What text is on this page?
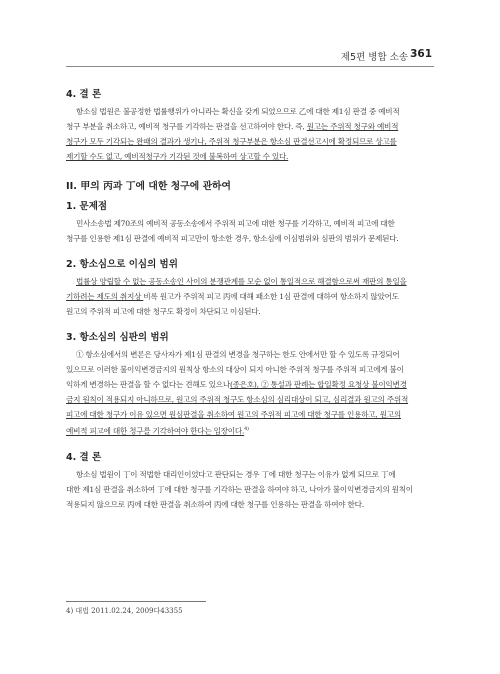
제5편 병합 소송 361
4. 결 론

항소심 법원은 불공정한 법률행위가 아니라는 확신을 갖게 되었으므로 乙에 대한 제1심 판결 중 예비적
청구 부분을 취소하고, 예비적 청구를 기각하는 판결을 선고하여야 한다. 즉, 원고는 주위적 청구와 예비적
청구가 모두 기각되는 완패의 결과가 생기나, 주위적 청구부분은 항소심 판결선고시에 확정되므로 상고를
제기할 수도 없고, 예비적청구가 기각된 것에 불복하여 상고할 수 있다.

II. 甲의 丙과 丁에 대한 청구에 관하여
1. 문제점

민사소송법 제70조의 예비적 공동소송에서 주위적 피고에 대한 청구를 기각하고, 예비적 피고에 대한
청구를 인용한 제1심 판결에 예비적 피고만이 항소한 경우, 항소심에 이심범위와 심판의 범위가 문제된다.

2. 항소심으로 이심의 범위

법률상 양립할 수 없는 공동소송인 사이의 분쟁관계를 모순 없이 통일적으로 해결함으로써 재판의 통일을
기하려는 제도의 취지상 비록 원고가 주위적 피고 丙에 대해 패소한 1심 판결에 대하여 항소하지 않았어도
원고의 주위적 피고에 대한 청구도 확정이 차단되고 이심된다.

3. 항소심의 심판의 범위

① 항소심에서의 변론은 당사자가 제1심 판결의 변경을 청구하는 한도 안에서만 할 수 있도록 규정되어
있으므로 이러한 불이익변경금지의 원칙상 항소의 대상이 되지 아니한 주위적 청구를 주위적 피고에게 불이
익하게 변경하는 판결을 할 수 없다는 견해도 있으나(종은호), ② 통설과 판례는 합일확정 요청상 불이익변경
금지 원칙이 적용되지 아니하므로, 원고의 주위적 청구도 항소심의 심리대상이 되고, 심리결과 원고의 주위적
피고에 대한 청구가 이유 있으면 원심판결을 취소하여 원고의 주위적 피고에 대한 청구를 인용하고, 원고의
예비적 피고에 대한 청구를 기각하여야 한다는 입장이다.$^{4)}$

4. 결 론

항소심 법원이 丁이 적법한 대리인이었다고 판단되는 경우 丁에 대한 청구는 이유가 없게 되므로 丁에
대한 제1심 판결을 취소하여 丁에 대한 청구를 기각하는 판결을 하여야 하고, 나아가 불이익변경금지의 원칙이
적용되지 않으므로 丙에 대한 판결을 취소하여 丙에 대한 청구를 인용하는 판결을 하여야 한다.

4) 대법 2011.02.24, 2009다43355
